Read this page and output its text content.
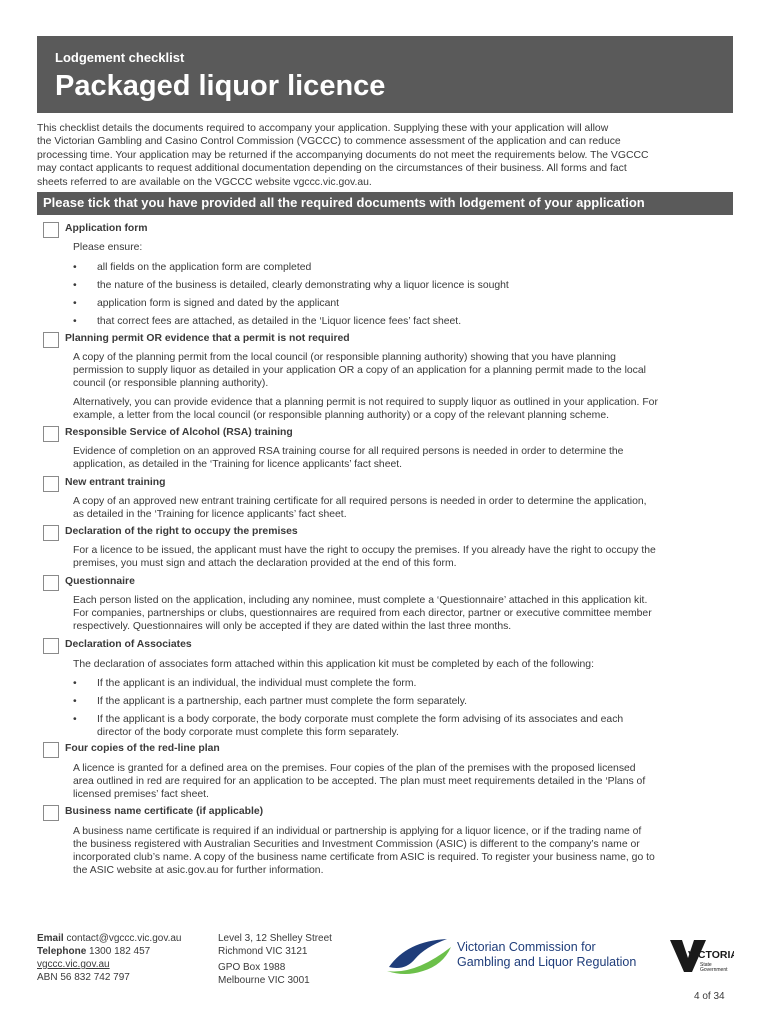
Lodgement checklist
Packaged liquor licence
This checklist details the documents required to accompany your application. Supplying these with your application will allow
the Victorian Gambling and Casino Control Commission (VGCCC) to commence assessment of the application and can reduce
processing time. Your application may be returned if the accompanying documents do not meet the requirements below. The VGCCC
may contact applicants to request additional documentation depending on the circumstances of their business. All forms and fact
sheets referred to are available on the VGCCC website vgccc.vic.gov.au.
Please tick that you have provided all the required documents with lodgement of your application
Application form
Please ensure:
• all fields on the application form are completed
• the nature of the business is detailed, clearly demonstrating why a liquor licence is sought
• application form is signed and dated by the applicant
• that correct fees are attached, as detailed in the ‘Liquor licence fees’ fact sheet.
Planning permit OR evidence that a permit is not required
A copy of the planning permit from the local council (or responsible planning authority) showing that you have planning
permission to supply liquor as detailed in your application OR a copy of an application for a planning permit made to the local
council (or responsible planning authority).
Alternatively, you can provide evidence that a planning permit is not required to supply liquor as outlined in your application. For
example, a letter from the local council (or responsible planning authority) or a copy of the relevant planning scheme.
Responsible Service of Alcohol (RSA) training
Evidence of completion on an approved RSA training course for all required persons is needed in order to determine the
application, as detailed in the ‘Training for licence applicants’ fact sheet.
New entrant training
A copy of an approved new entrant training certificate for all required persons is needed in order to determine the application,
as detailed in the ‘Training for licence applicants’ fact sheet.
Declaration of the right to occupy the premises
For a licence to be issued, the applicant must have the right to occupy the premises. If you already have the right to occupy the
premises, you must sign and attach the declaration provided at the end of this form.
Questionnaire
Each person listed on the application, including any nominee, must complete a ‘Questionnaire’ attached in this application kit.
For companies, partnerships or clubs, questionnaires are required from each director, partner or executive committee member
respectively. Questionnaires will only be accepted if they are dated within the last three months.
Declaration of Associates
The declaration of associates form attached within this application kit must be completed by each of the following:
• If the applicant is an individual, the individual must complete the form.
• If the applicant is a partnership, each partner must complete the form separately.
• If the applicant is a body corporate, the body corporate must complete the form advising of its associates and each
director of the body corporate must complete this form separately.
Four copies of the red-line plan
A licence is granted for a defined area on the premises. Four copies of the plan of the premises with the proposed licensed
area outlined in red are required for an application to be accepted. The plan must meet requirements detailed in the ‘Plans of
licensed premises’ fact sheet.
Business name certificate (if applicable)
A business name certificate is required if an individual or partnership is applying for a liquor licence, or if the trading name of
the business registered with Australian Securities and Investment Commission (ASIC) is different to the company’s name or
incorporated club’s name. A copy of the business name certificate from ASIC is required. To register your business name, go to
the ASIC website at asic.gov.au for further information.
Email contact@vgccc.vic.gov.au
Telephone 1300 182 457
vgccc.vic.gov.au
ABN 56 832 742 797
Level 3, 12 Shelley Street
Richmond VIC 3121
GPO Box 1988
Melbourne VIC 3001
Victorian Commission for
Gambling and Liquor Regulation	VICTORIA
State
Government
4 of 34
